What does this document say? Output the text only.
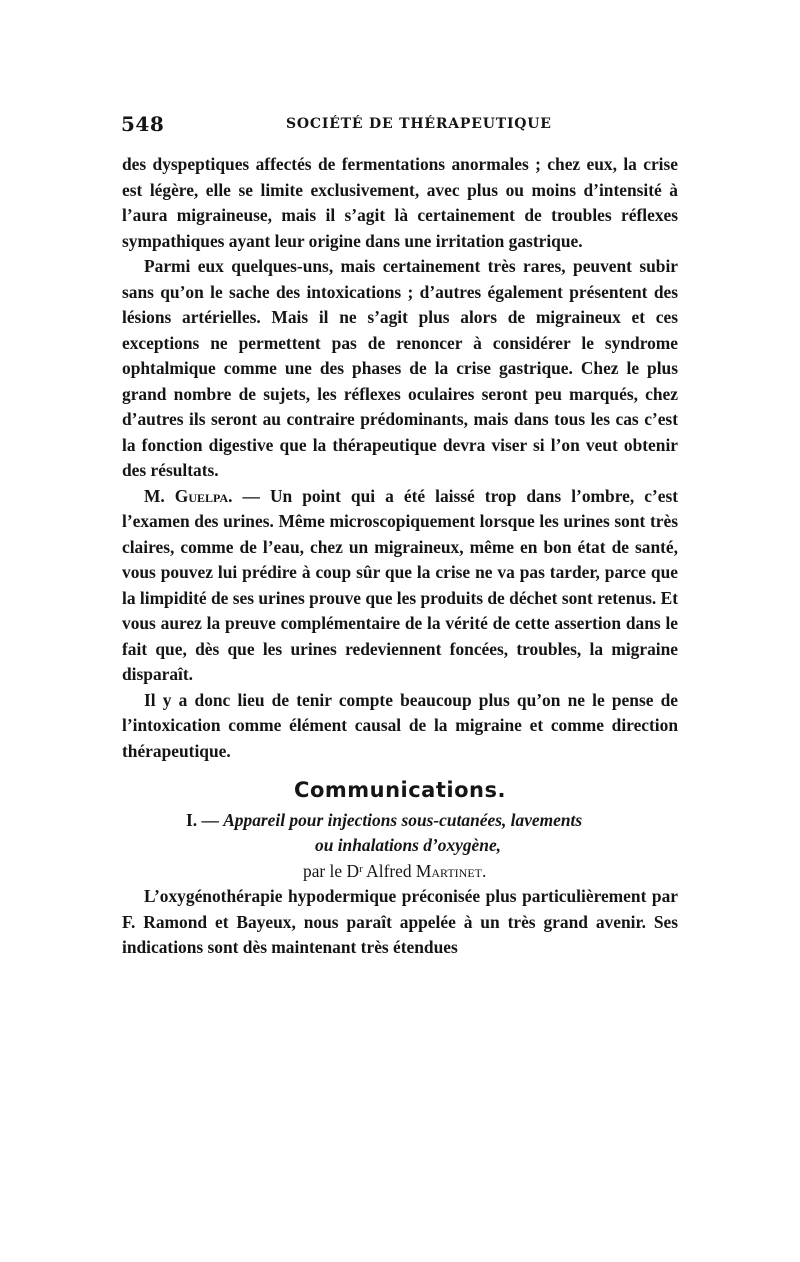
548	SOCIÉTÉ DE THÉRAPEUTIQUE

des dyspeptiques affectés de fermentations anormales ; chez eux, la crise est légère, elle se limite exclusivement, avec plus ou moins d’intensité à l’aura migraineuse, mais il s’agit là certainement de troubles réflexes sympathiques ayant leur origine dans une irritation gastrique.

Parmi eux quelques-uns, mais certainement très rares, peuvent subir sans qu’on le sache des intoxications ; d’autres également présentent des lésions artérielles. Mais il ne s’agit plus alors de migraineux et ces exceptions ne permettent pas de renoncer à considérer le syndrome ophtalmique comme une des phases de la crise gastrique. Chez le plus grand nombre de sujets, les réflexes oculaires seront peu marqués, chez d’autres ils seront au contraire prédominants, mais dans tous les cas c’est la fonction digestive que la thérapeutique devra viser si l’on veut obtenir des résultats.

M. Guelpa. — Un point qui a été laissé trop dans l’ombre, c’est l’examen des urines. Même microscopiquement lorsque les urines sont très claires, comme de l’eau, chez un migraineux, même en bon état de santé, vous pouvez lui prédire à coup sûr que la crise ne va pas tarder, parce que la limpidité de ses urines prouve que les produits de déchet sont retenus. Et vous aurez la preuve complémentaire de la vérité de cette assertion dans le fait que, dès que les urines redeviennent foncées, troubles, la migraine disparaît.

Il y a donc lieu de tenir compte beaucoup plus qu’on ne le pense de l’intoxication comme élément causal de la migraine et comme direction thérapeutique.

Communications.

I. — Appareil pour injections sous-cutanées, lavements

ou inhalations d’oxygène,

par le Dʳ Alfred Martinet.

L’oxygénothérapie hypodermique préconisée plus particulièrement par F. Ramond et Bayeux, nous paraît appelée à un très grand avenir. Ses indications sont dès maintenant très étendues
